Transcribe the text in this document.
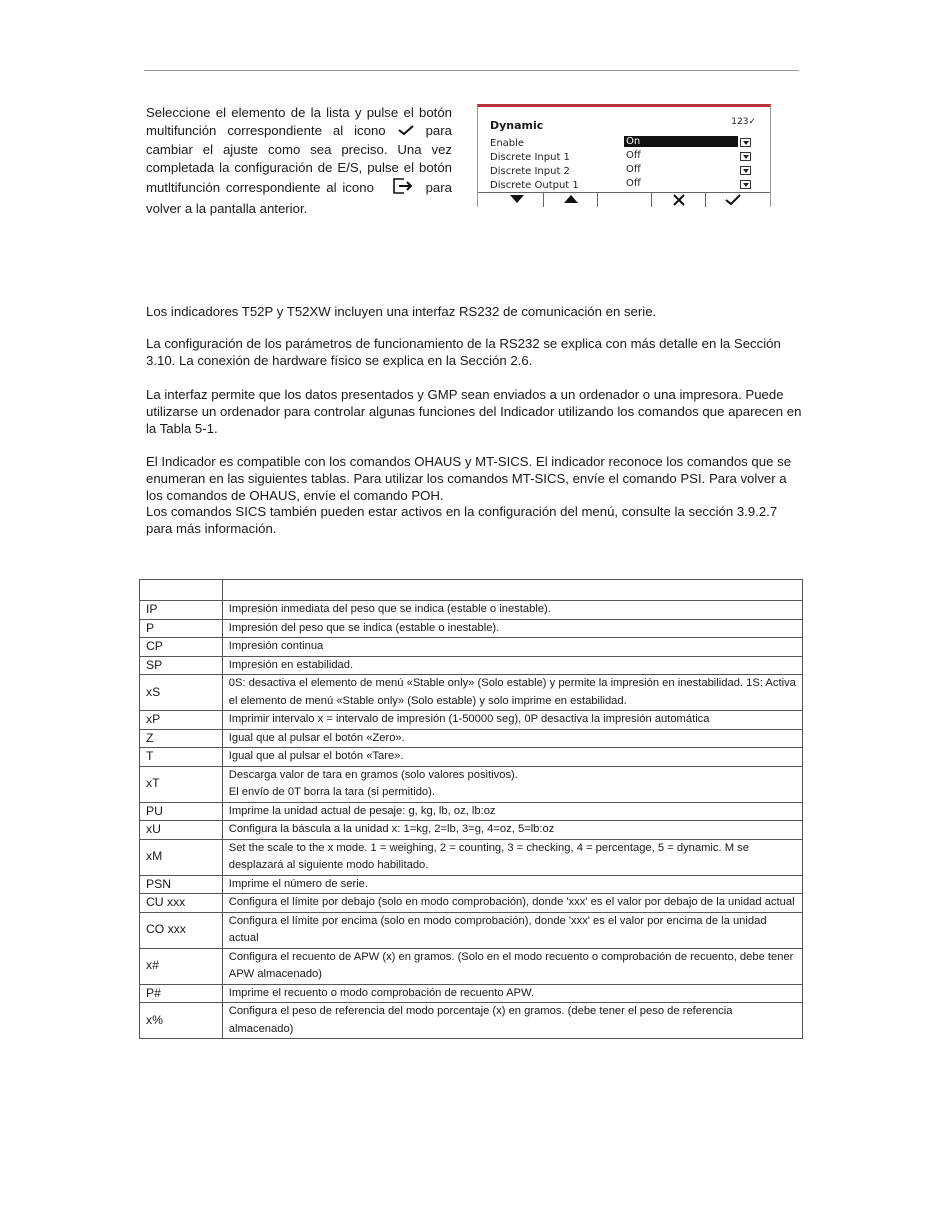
Seleccione el elemento de la lista y pulse el botón multifunción correspondiente al icono	para cambiar el ajuste como sea preciso. Una vez completada la configuración de E/S, pulse el botón mutltifunción correspondiente al icono	para volver a la pantalla anterior.
Dynamic	123✓
Enable	On
Discrete Input 1	Off
Discrete Input 2	Off
Discrete Output 1	Off
Los indicadores T52P y T52XW incluyen una interfaz RS232 de comunicación en serie.
La configuración de los parámetros de funcionamiento de la RS232 se explica con más detalle en la Sección 3.10. La conexión de hardware físico se explica en la Sección 2.6.
La interfaz permite que los datos presentados y GMP sean enviados a un ordenador o una impresora. Puede utilizarse un ordenador para controlar algunas funciones del Indicador utilizando los comandos que aparecen en la Tabla 5-1.
El Indicador es compatible con los comandos OHAUS y MT-SICS. El indicador reconoce los comandos que se enumeran en las siguientes tablas. Para utilizar los comandos MT-SICS, envíe el comando PSI. Para volver a los comandos de OHAUS, envíe el comando POH.
Los comandos SICS también pueden estar activos en la configuración del menú, consulte la sección 3.9.2.7 para más información.

IP	Impresión inmediata del peso que se indica (estable o inestable).
P	Impresión del peso que se indica (estable o inestable).
CP	Impresión continua
SP	Impresión en estabilidad.
xS	0S: desactiva el elemento de menú «Stable only» (Solo estable) y permite la impresión en inestabilidad. 1S: Activa el elemento de menú «Stable only» (Solo estable) y solo imprime en estabilidad.
xP	Imprimir intervalo x = intervalo de impresión (1-50000 seg), 0P desactiva la impresión automática
Z	Igual que al pulsar el botón «Zero».
T	Igual que al pulsar el botón «Tare».
xT	Descarga valor de tara en gramos (solo valores positivos).
El envío de 0T borra la tara (si permitido).
PU	Imprime la unidad actual de pesaje: g, kg, lb, oz, lb:oz
xU	Configura la báscula a la unidad x: 1=kg, 2=lb, 3=g, 4=oz, 5=lb:oz
xM	Set the scale to the x mode. 1 = weighing, 2 = counting, 3 = checking, 4 = percentage, 5 = dynamic. M se desplazará al siguiente modo habilitado.
PSN	Imprime el número de serie.
CU xxx	Configura el límite por debajo (solo en modo comprobación), donde 'xxx' es el valor por debajo de la unidad actual
CO xxx	Configura el límite por encima (solo en modo comprobación), donde 'xxx' es el valor por encima de la unidad actual
x#	Configura el recuento de APW (x) en gramos. (Solo en el modo recuento o comprobación de recuento, debe tener APW almacenado)
P#	Imprime el recuento o modo comprobación de recuento APW.
x%	Configura el peso de referencia del modo porcentaje (x) en gramos. (debe tener el peso de referencia almacenado)
